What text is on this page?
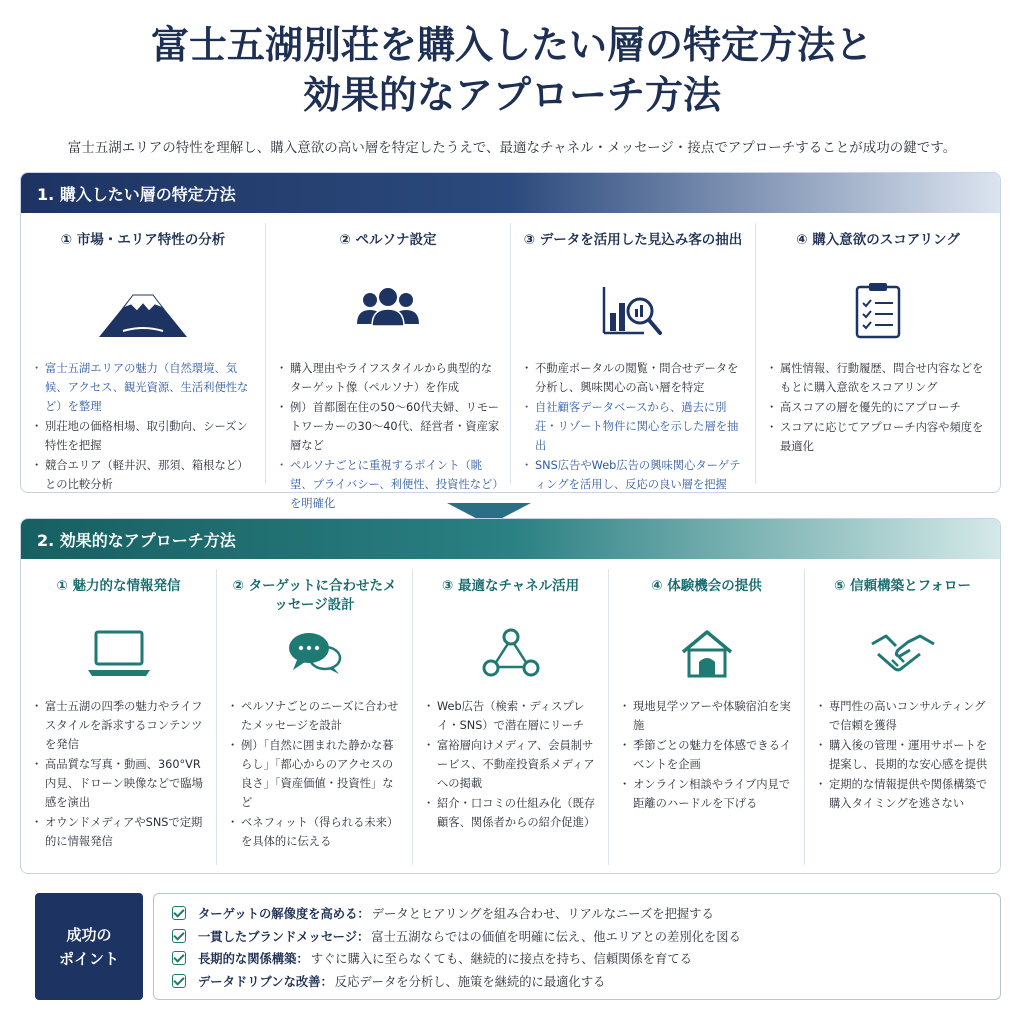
富士五湖別荘を購入したい層の特定方法と
効果的なアプローチ方法

富士五湖エリアの特性を理解し、購入意欲の高い層を特定したうえで、最適なチャネル・メッセージ・接点でアプローチすることが成功の鍵です。

1. 購入したい層の特定方法
① 市場・エリア特性の分析
・ 富士五湖エリアの魅力（自然環境、気候、アクセス、観光資源、生活利便性など）を整理
・ 別荘地の価格相場、取引動向、シーズン特性を把握
・ 競合エリア（軽井沢、那須、箱根など）との比較分析
② ペルソナ設定
・ 購入理由やライフスタイルから典型的なターゲット像（ペルソナ）を作成
・ 例）首都圏在住の50〜60代夫婦、リモートワーカーの30〜40代、経営者・資産家層など
・ ペルソナごとに重視するポイント（眺望、プライバシー、利便性、投資性など）を明確化
③ データを活用した見込み客の抽出
・ 不動産ポータルの閲覧・問合せデータを分析し、興味関心の高い層を特定
・ 自社顧客データベースから、過去に別荘・リゾート物件に関心を示した層を抽出
・ SNS広告やWeb広告の興味関心ターゲティングを活用し、反応の良い層を把握
④ 購入意欲のスコアリング
・ 属性情報、行動履歴、問合せ内容などをもとに購入意欲をスコアリング
・ 高スコアの層を優先的にアプローチ
・ スコアに応じてアプローチ内容や頻度を最適化
2. 効果的なアプローチ方法
① 魅力的な情報発信
・ 富士五湖の四季の魅力やライフスタイルを訴求するコンテンツを発信
・ 高品質な写真・動画、360°VR内見、ドローン映像などで臨場感を演出
・ オウンドメディアやSNSで定期的に情報発信
② ターゲットに合わせたメッセージ設計
・ ペルソナごとのニーズに合わせたメッセージを設計
・ 例）「自然に囲まれた静かな暮らし」「都心からのアクセスの良さ」「資産価値・投資性」など
・ ベネフィット（得られる未来）を具体的に伝える
③ 最適なチャネル活用
・ Web広告（検索・ディスプレイ・SNS）で潜在層にリーチ
・ 富裕層向けメディア、会員制サービス、不動産投資系メディアへの掲載
・ 紹介・口コミの仕組み化（既存顧客、関係者からの紹介促進）
④ 体験機会の提供
・ 現地見学ツアーや体験宿泊を実施
・ 季節ごとの魅力を体感できるイベントを企画
・ オンライン相談やライブ内見で距離のハードルを下げる
⑤ 信頼構築とフォロー
・ 専門性の高いコンサルティングで信頼を獲得
・ 購入後の管理・運用サポートを提案し、長期的な安心感を提供
・ 定期的な情報提供や関係構築で購入タイミングを逃さない
成功の
ポイント
ターゲットの解像度を高める： データとヒアリングを組み合わせ、リアルなニーズを把握する
一貫したブランドメッセージ： 富士五湖ならではの価値を明確に伝え、他エリアとの差別化を図る
長期的な関係構築： すぐに購入に至らなくても、継続的に接点を持ち、信頼関係を育てる
データドリブンな改善： 反応データを分析し、施策を継続的に最適化する
